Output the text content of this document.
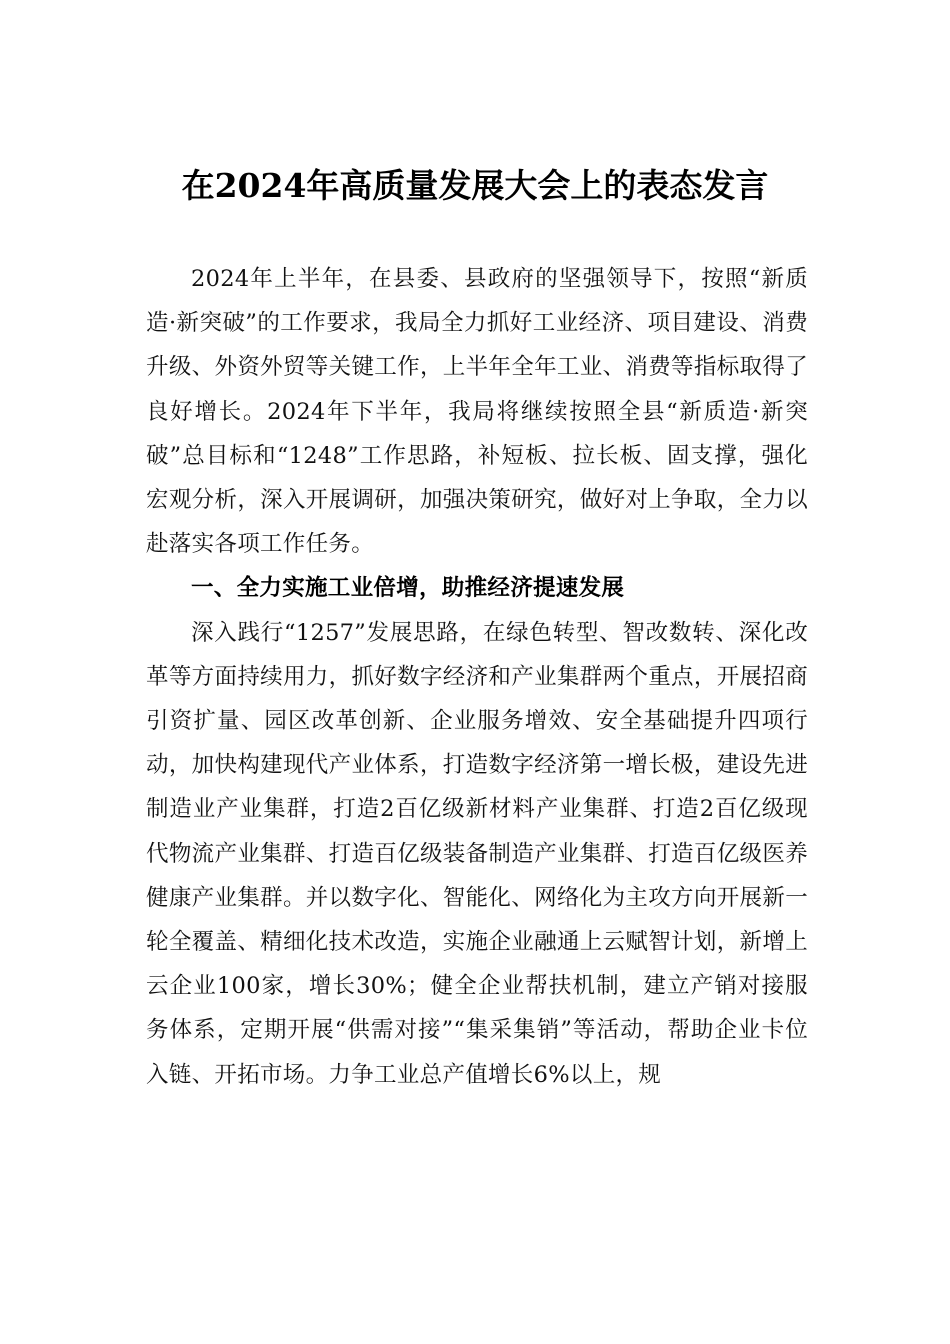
在2024年高质量发展大会上的表态发言

2024年上半年，在县委、县政府的坚强领导下，按照“新质造·新突破”的工作要求，我局全力抓好工业经济、项目建设、消费升级、外资外贸等关键工作，上半年全年工业、消费等指标取得了良好增长。2024年下半年，我局将继续按照全县“新质造·新突破”总目标和“1248”工作思路，补短板、拉长板、固支撑，强化宏观分析，深入开展调研，加强决策研究，做好对上争取，全力以赴落实各项工作任务。

一、全力实施工业倍增，助推经济提速发展

深入践行“1257”发展思路，在绿色转型、智改数转、深化改革等方面持续用力，抓好数字经济和产业集群两个重点，开展招商引资扩量、园区改革创新、企业服务增效、安全基础提升四项行动，加快构建现代产业体系，打造数字经济第一增长极，建设先进制造业产业集群，打造2百亿级新材料产业集群、打造2百亿级现代物流产业集群、打造百亿级装备制造产业集群、打造百亿级医养健康产业集群。并以数字化、智能化、网络化为主攻方向开展新一轮全覆盖、精细化技术改造，实施企业融通上云赋智计划，新增上云企业100家，增长30%；健全企业帮扶机制，建立产销对接服务体系，定期开展“供需对接”“集采集销”等活动，帮助企业卡位入链、开拓市场。力争工业总产值增长6%以上，规
